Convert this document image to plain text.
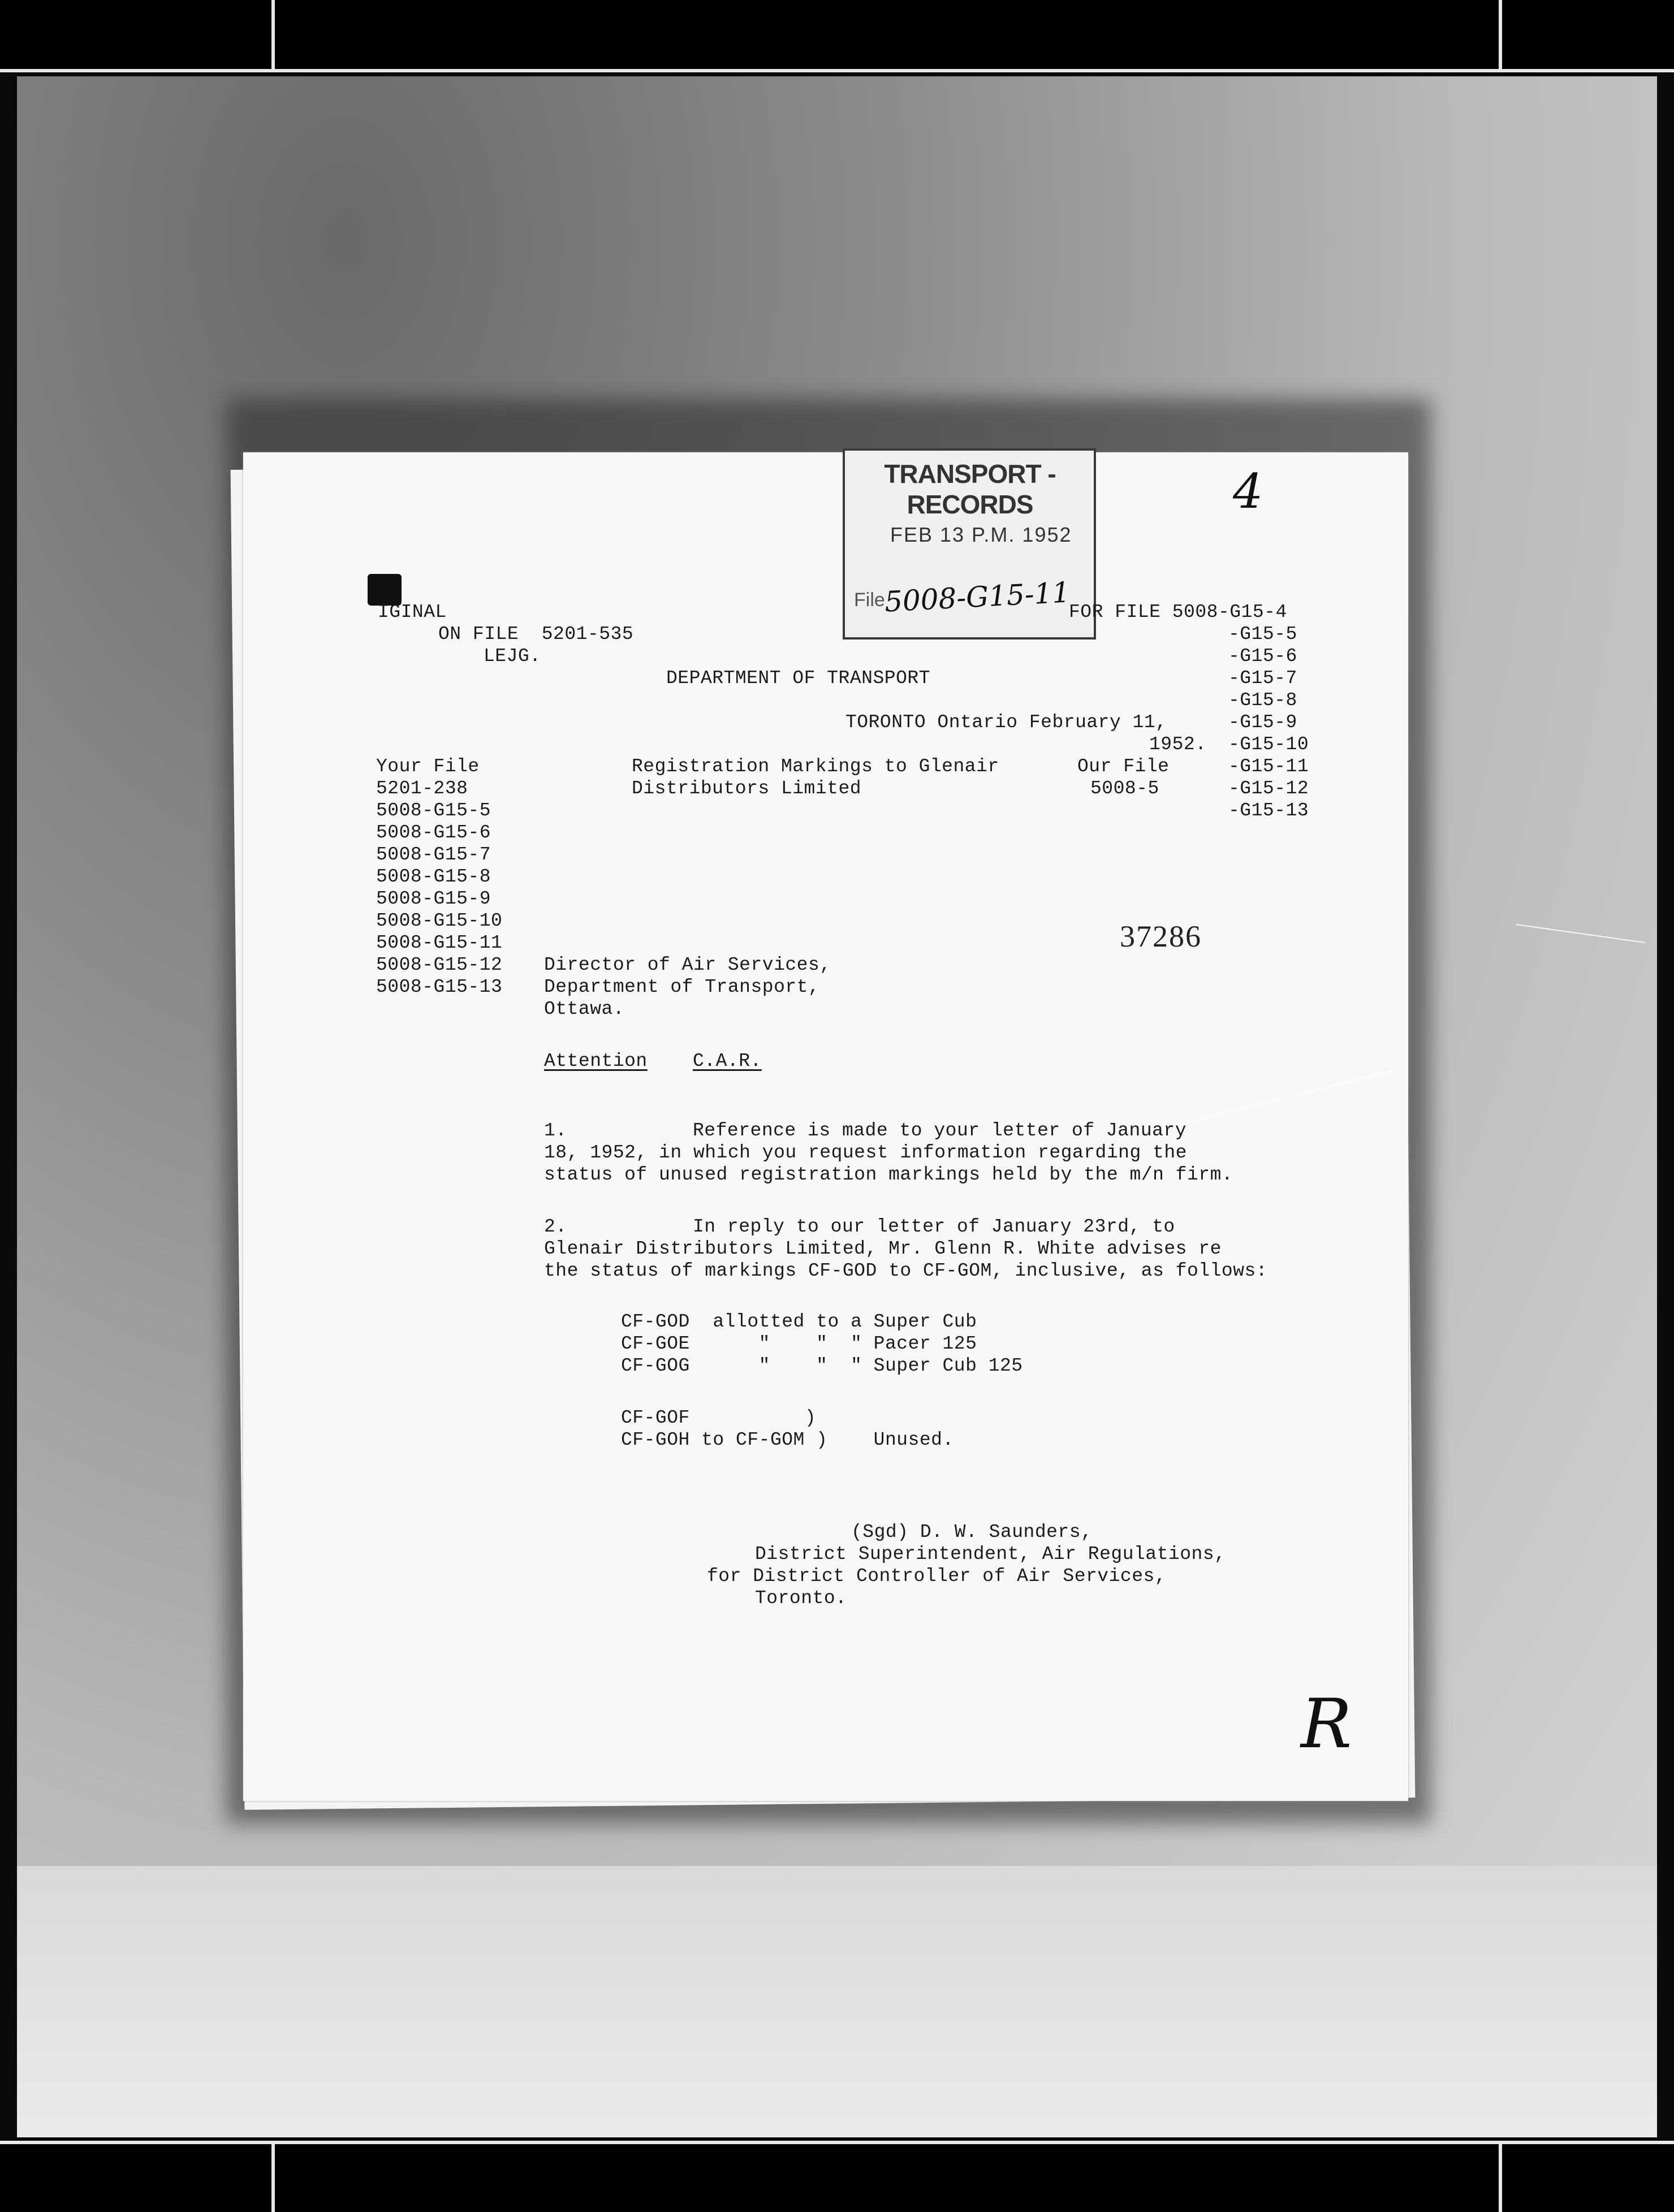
TRANSPORT - RECORDS
FEB 13 P.M. 1952
File
5008-G15-11
4
IGINAL
ON FILE  5201-535
LEJG.
FOR FILE 5008-G15-4
-G15-5
-G15-6
-G15-7
-G15-8
-G15-9
-G15-10
-G15-11
-G15-12
-G15-13
DEPARTMENT OF TRANSPORT
TORONTO Ontario February 11,
1952.
Your File
5201-238
5008-G15-5
5008-G15-6
5008-G15-7
5008-G15-8
5008-G15-9
5008-G15-10
5008-G15-11
5008-G15-12
5008-G15-13
Registration Markings to Glenair
Distributors Limited
Our File
5008-5
37286
Director of Air Services,
Department of Transport,
Ottawa.
Attention C.A.R.
1.	Reference is made to your letter of January
18, 1952, in which you request information regarding the
status of unused registration markings held by the m/n firm.
2.	In reply to our letter of January 23rd, to
Glenair Distributors Limited, Mr. Glenn R. White advises re
the status of markings CF-GOD to CF-GOM, inclusive, as follows:
CF-GOD  allotted to a Super Cub
CF-GOE      "    "  " Pacer 125
CF-GOG      "    "  " Super Cub 125
CF-GOF          )
CF-GOH to CF-GOM )    Unused.
(Sgd) D. W. Saunders,
District Superintendent, Air Regulations,
for District Controller of Air Services,
Toronto.
R
